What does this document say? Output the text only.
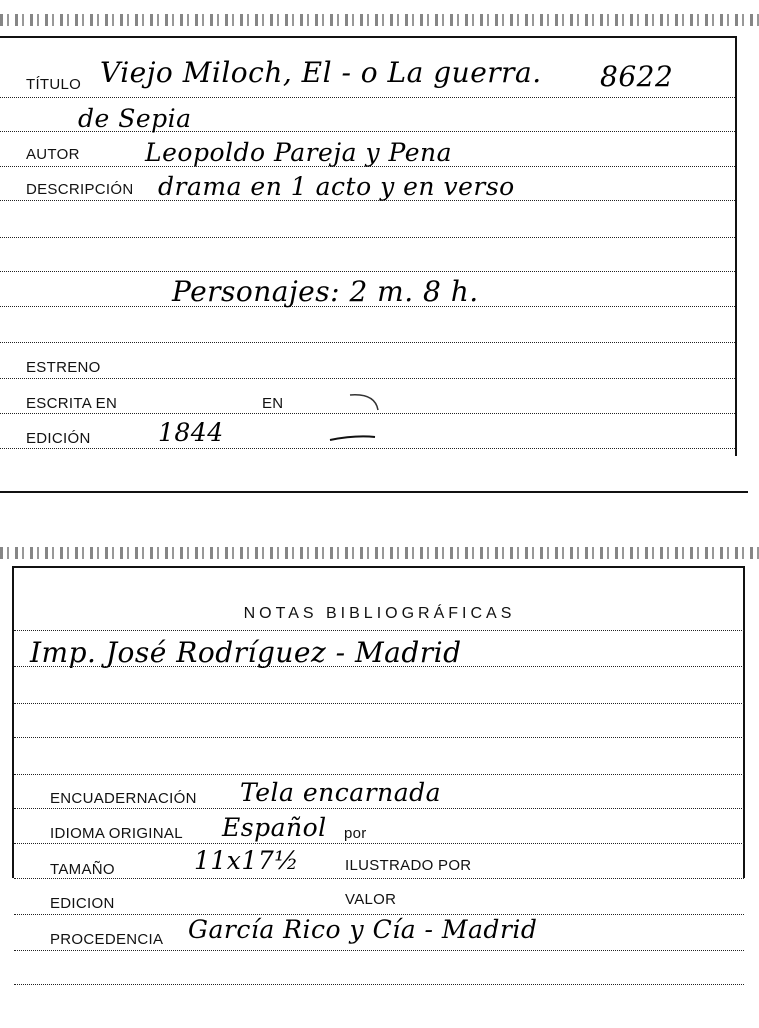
TÍTULO Viejo Miloch, El - o La guerra. 8622
de Sepia
AUTOR	Leopoldo Pareja y Pena
DESCRIPCIÓN drama en 1 acto y en verso
Personajes: 2 m. 8 h.
ESTRENO
ESCRITA EN	EN
EDICIÓN	1844
NOTAS BIBLIOGRÁFICAS
Imp. José Rodríguez - Madrid
ENCUADERNACIÓN Tela encarnada
IDIOMA ORIGINAL Español por
TAMAÑO	11x17½	ILUSTRADO POR
EDICION	VALOR
PROCEDENCIA García Rico y Cía - Madrid
